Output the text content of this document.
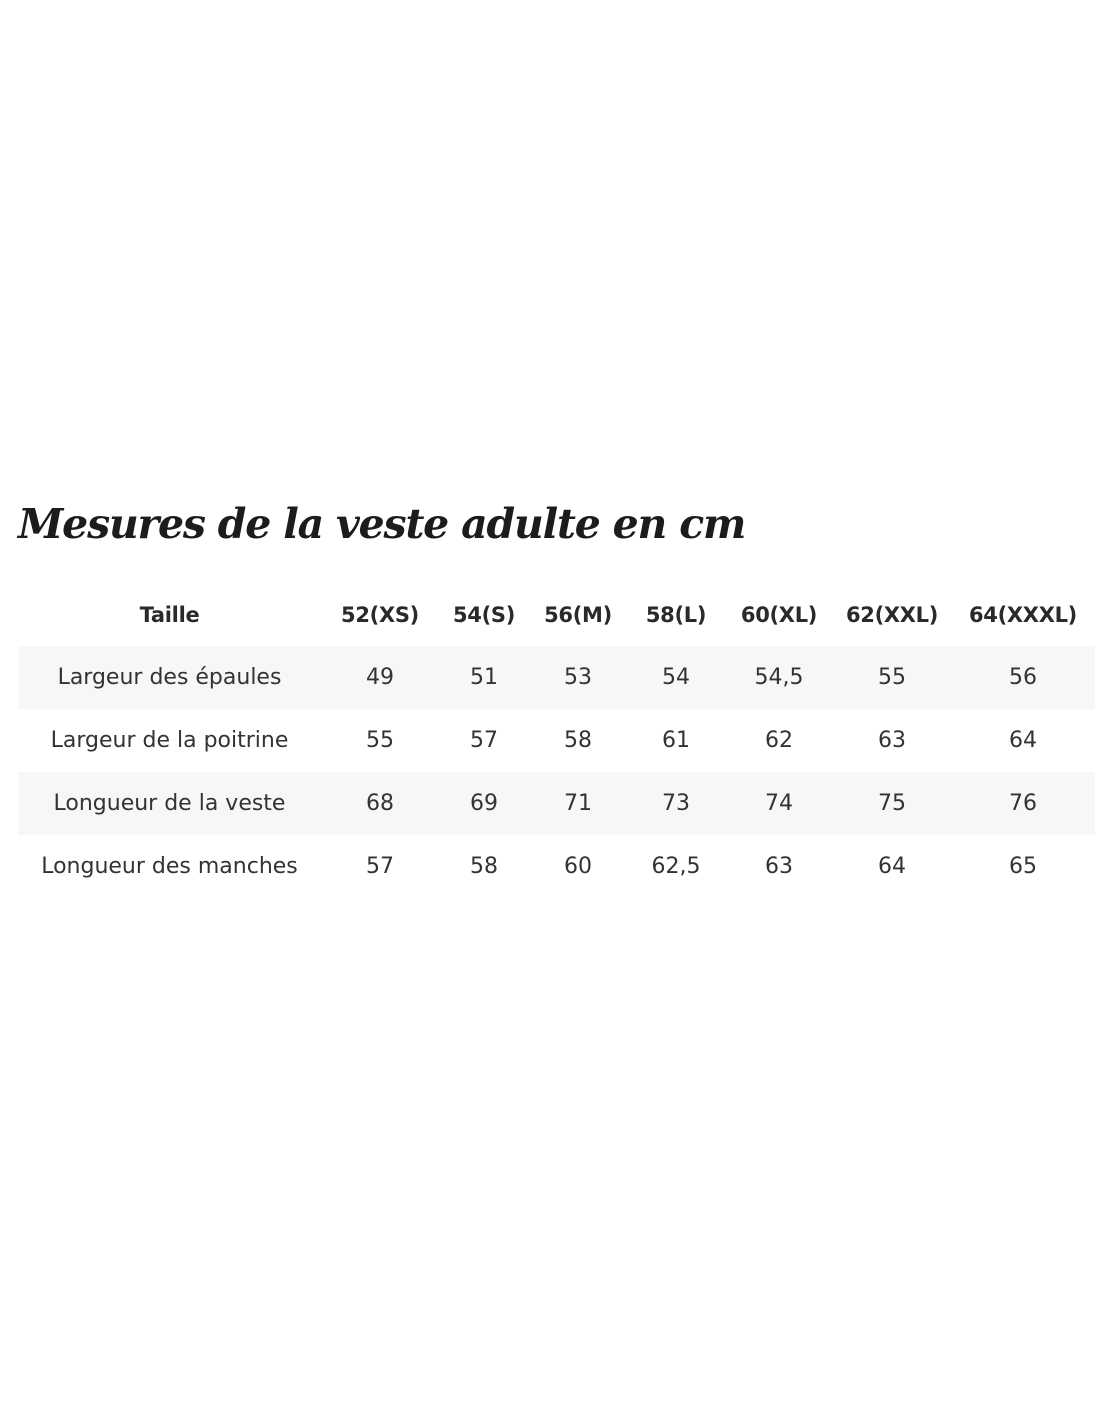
Mesures de la veste adulte en cm
Taille	52(XS)	54(S)	56(M)	58(L)	60(XL)	62(XXL)	64(XXXL)
Largeur des épaules	49	51	53	54	54,5	55	56
Largeur de la poitrine	55	57	58	61	62	63	64
Longueur de la veste	68	69	71	73	74	75	76
Longueur des manches	57	58	60	62,5	63	64	65
